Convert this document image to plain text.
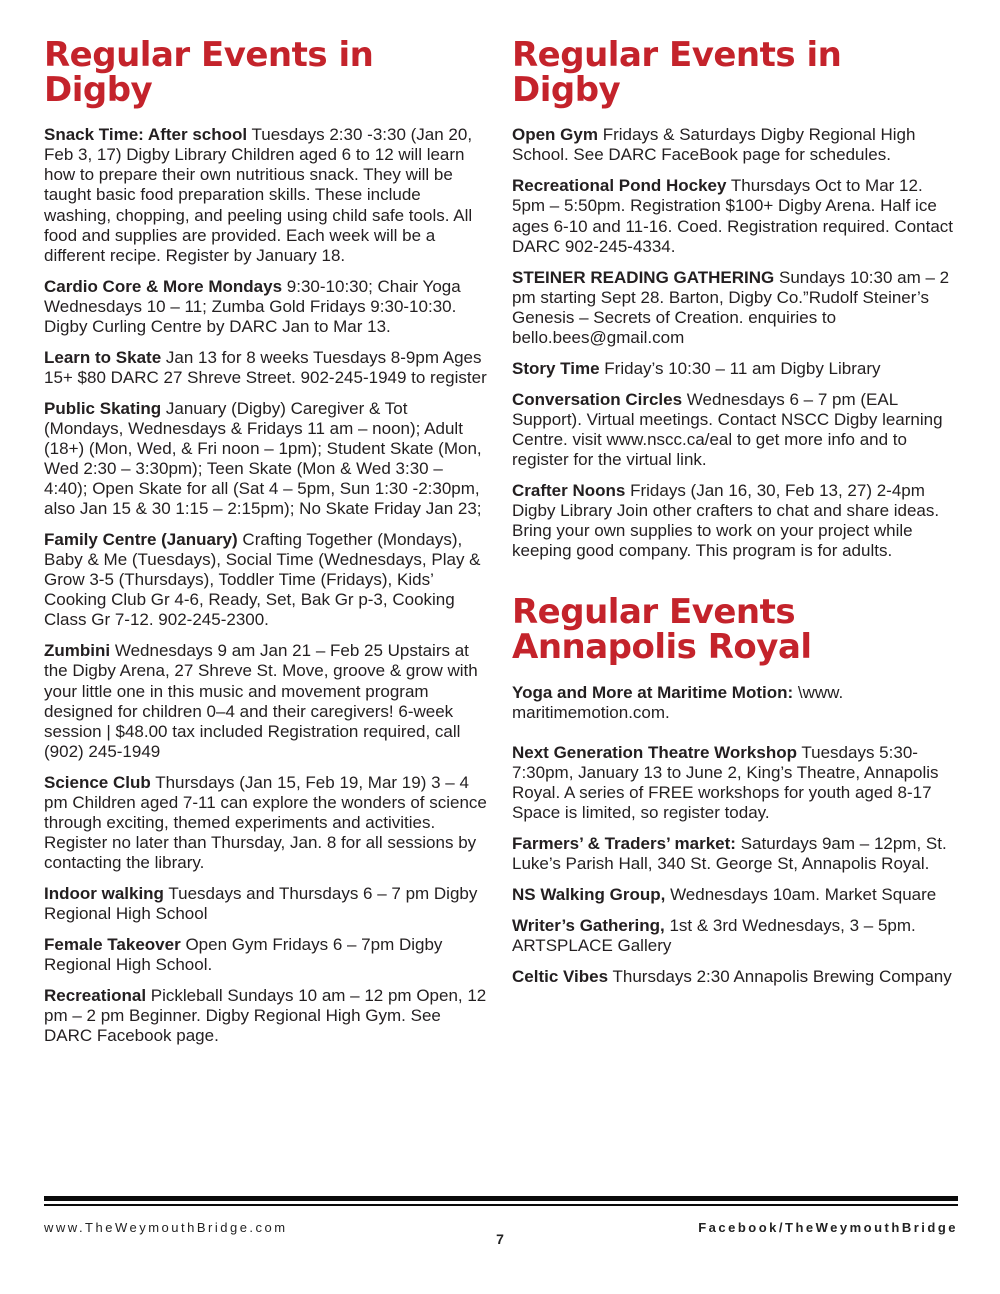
Regular Events in Digby

Snack Time: After school Tuesdays 2:30 -3:30 (Jan 20, Feb 3, 17) Digby Library Children aged 6 to 12 will learn how to prepare their own nutritious snack. They will be taught basic food preparation skills. These include washing, chopping, and peeling using child safe tools. All food and supplies are provided. Each week will be a different recipe. Register by January 18.

Cardio Core & More Mondays 9:30-10:30; Chair Yoga Wednesdays 10 – 11; Zumba Gold Fridays 9:30-10:30. Digby Curling Centre by DARC Jan to Mar 13.

Learn to Skate Jan 13 for 8 weeks Tuesdays 8-9pm Ages 15+ $80 DARC 27 Shreve Street. 902-245-1949 to register

Public Skating January (Digby) Caregiver & Tot (Mondays, Wednesdays & Fridays 11 am – noon); Adult (18+) (Mon, Wed, & Fri noon – 1pm); Student Skate (Mon, Wed 2:30 – 3:30pm); Teen Skate (Mon & Wed 3:30 – 4:40); Open Skate for all (Sat 4 – 5pm, Sun 1:30 -2:30pm, also Jan 15 & 30 1:15 – 2:15pm); No Skate Friday Jan 23;

Family Centre (January) Crafting Together (Mondays), Baby & Me (Tuesdays), Social Time (Wednesdays, Play & Grow 3-5 (Thursdays), Toddler Time (Fridays), Kids’ Cooking Club Gr 4-6, Ready, Set, Bak Gr p-3, Cooking Class Gr 7-12. 902-245-2300.

Zumbini Wednesdays 9 am Jan 21 – Feb 25 Upstairs at the Digby Arena, 27 Shreve St. Move, groove & grow with your little one in this music and movement program designed for children 0–4 and their caregivers! 6-week session | $48.00 tax included Registration required, call (902) 245-1949

Science Club Thursdays (Jan 15, Feb 19, Mar 19) 3 – 4 pm Children aged 7-11 can explore the wonders of science through exciting, themed experiments and activities. Register no later than Thursday, Jan. 8 for all sessions by contacting the library.

Indoor walking Tuesdays and Thursdays 6 – 7 pm Digby Regional High School

Female Takeover Open Gym Fridays 6 – 7pm Digby Regional High School.

Recreational Pickleball Sundays 10 am – 12 pm Open, 12 pm – 2 pm Beginner. Digby Regional High Gym. See DARC Facebook page.

Regular Events in Digby

Open Gym Fridays & Saturdays Digby Regional High School. See DARC FaceBook page for schedules.

Recreational Pond Hockey Thursdays Oct to Mar 12. 5pm – 5:50pm. Registration $100+ Digby Arena. Half ice ages 6-10 and 11-16. Coed. Registration required. Contact DARC 902-245-4334.

STEINER READING GATHERING Sundays 10:30 am – 2 pm starting Sept 28. Barton, Digby Co.”Rudolf Steiner’s Genesis – Secrets of Creation. enquiries to bello.bees@gmail.com

Story Time Friday’s 10:30 – 11 am Digby Library

Conversation Circles Wednesdays 6 – 7 pm (EAL Support). Virtual meetings. Contact NSCC Digby learning Centre. visit www.nscc.ca/eal to get more info and to register for the virtual link.

Crafter Noons Fridays (Jan 16, 30, Feb 13, 27) 2-4pm Digby Library Join other crafters to chat and share ideas. Bring your own supplies to work on your project while keeping good company. This program is for adults.

Regular Events Annapolis Royal

Yoga and More at Maritime Motion: \www. maritimemotion.com.

Next Generation Theatre Workshop Tuesdays 5:30-7:30pm, January 13 to June 2, King’s Theatre, Annapolis Royal. A series of FREE workshops for youth aged 8-17 Space is limited, so register today.

Farmers’ & Traders’ market: Saturdays 9am – 12pm, St. Luke’s Parish Hall, 340 St. George St, Annapolis Royal.

NS Walking Group, Wednesdays 10am. Market Square

Writer’s Gathering, 1st & 3rd Wednesdays, 3 – 5pm. ARTSPLACE Gallery

Celtic Vibes Thursdays 2:30 Annapolis Brewing Company

www.TheWeymouthBridge.com	Facebook/TheWeymouthBridge
7
